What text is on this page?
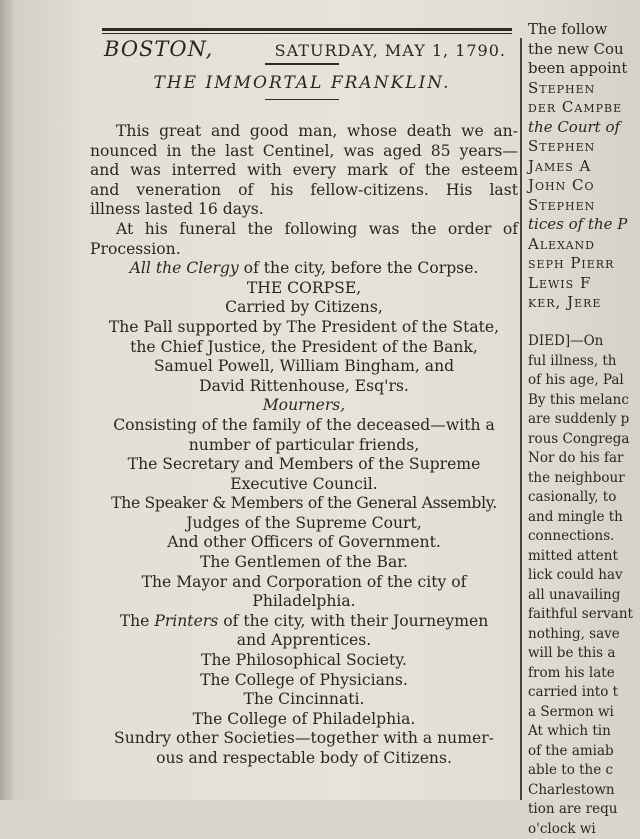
BOSTON,	SATURDAY, MAY 1, 1790.
THE IMMORTAL FRANKLIN.

This great and good man, whose death we an-

nounced in the last Centinel, was aged 85 years—

and was interred with every mark of the esteem

and veneration of his fellow-citizens. His last

illness lasted 16 days.

At his funeral the following was the order of

Procession.

All the Clergy of the city, before the Corpse.

THE CORPSE,

Carried by Citizens,

The Pall supported by The President of the State,

the Chief Justice, the President of the Bank,

Samuel Powell, William Bingham, and

David Rittenhouse, Esq'rs.

Mourners,

Consisting of the family of the deceased—with a

number of particular friends,

The Secretary and Members of the Supreme

Executive Council.

The Speaker & Members of the General Assembly.

Judges of the Supreme Court,

And other Officers of Government.

The Gentlemen of the Bar.

The Mayor and Corporation of the city of

Philadelphia.

The Printers of the city, with their Journeymen

and Apprentices.

The Philosophical Society.

The College of Physicians.

The Cincinnati.

The College of Philadelphia.

Sundry other Societies—together with a numer-

ous and respectable body of Citizens.

The follow
the new Cou
been appoint
Stephen
der Campbe
the Court of
Stephen
James A
John Co
Stephen
tices of the P
Alexand
seph Pierr
Lewis F
ker, Jere

DIED]—On
ful illness, th
of his age, Pal
By this melanc
are suddenly p
rous Congrega
Nor do his far
the neighbour
casionally, to
and mingle th
connections.
mitted attent
lick could hav
all unavailing
faithful servant
nothing, save
will be this a
from his late
carried into t
a Sermon wi
At which tin
of the amiab
able to the c
Charlestown
tion are requ
o'clock wi
